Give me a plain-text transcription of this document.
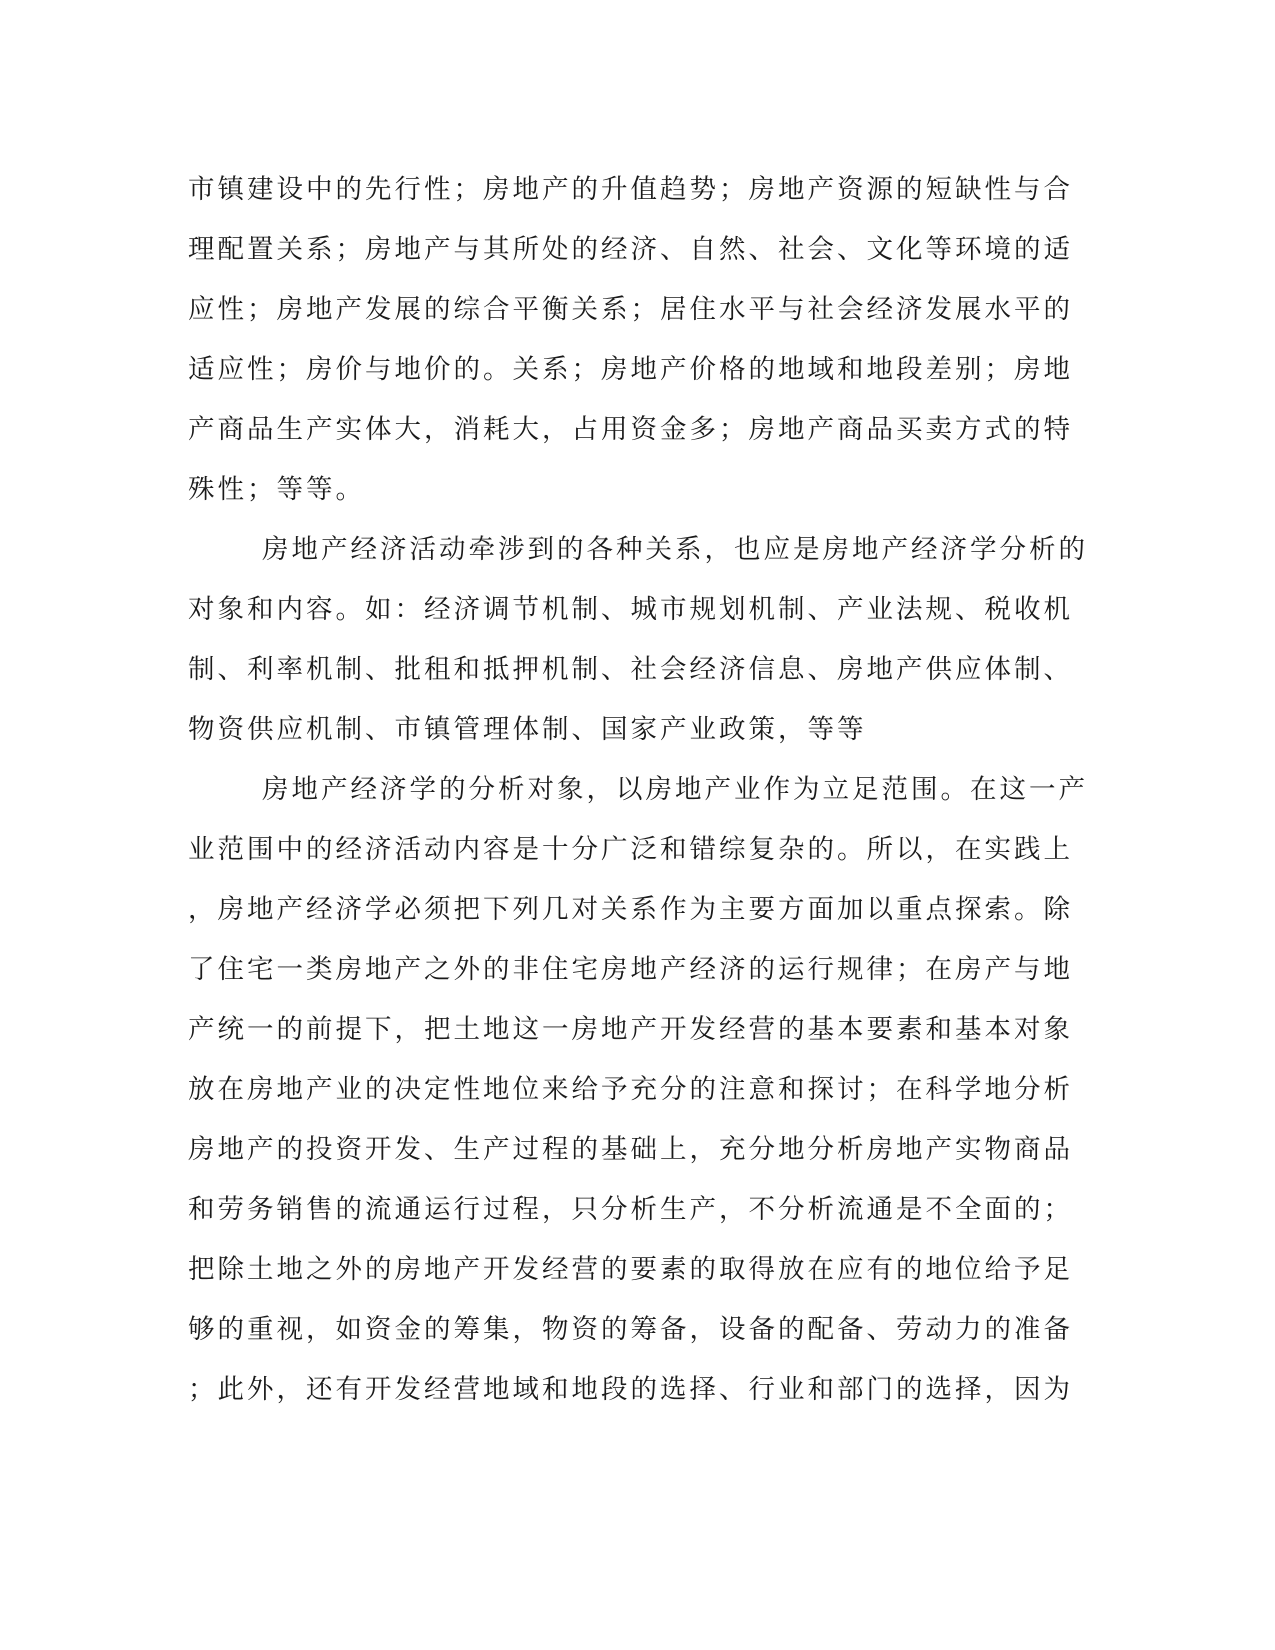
市镇建设中的先行性；房地产的升值趋势；房地产资源的短缺性与合
理配置关系；房地产与其所处的经济、自然、社会、文化等环境的适
应性；房地产发展的综合平衡关系；居住水平与社会经济发展水平的
适应性；房价与地价的。关系；房地产价格的地域和地段差别；房地
产商品生产实体大，消耗大，占用资金多；房地产商品买卖方式的特
殊性；等等。
房地产经济活动牵涉到的各种关系，也应是房地产经济学分析的
对象和内容。如：经济调节机制、城市规划机制、产业法规、税收机
制、利率机制、批租和抵押机制、社会经济信息、房地产供应体制、
物资供应机制、市镇管理体制、国家产业政策，等等
房地产经济学的分析对象，以房地产业作为立足范围。在这一产
业范围中的经济活动内容是十分广泛和错综复杂的。所以，在实践上
，房地产经济学必须把下列几对关系作为主要方面加以重点探索。除
了住宅一类房地产之外的非住宅房地产经济的运行规律；在房产与地
产统一的前提下，把土地这一房地产开发经营的基本要素和基本对象
放在房地产业的决定性地位来给予充分的注意和探讨；在科学地分析
房地产的投资开发、生产过程的基础上，充分地分析房地产实物商品
和劳务销售的流通运行过程，只分析生产，不分析流通是不全面的；
把除土地之外的房地产开发经营的要素的取得放在应有的地位给予足
够的重视，如资金的筹集，物资的筹备，设备的配备、劳动力的准备
；此外，还有开发经营地域和地段的选择、行业和部门的选择，因为
